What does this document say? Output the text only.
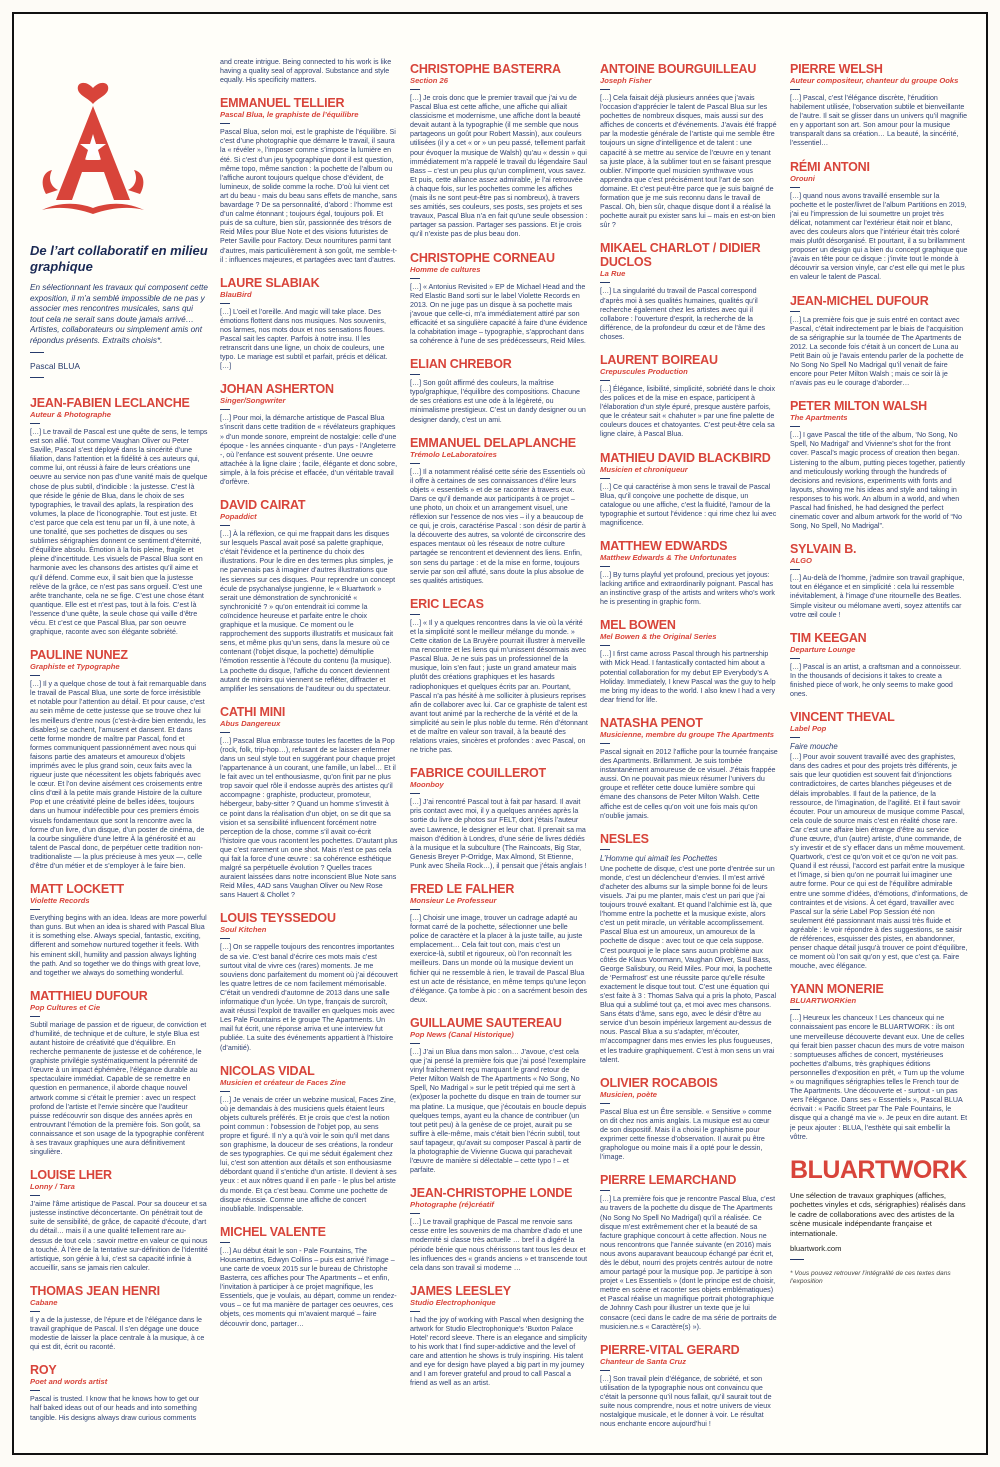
De l’art collaboratif en milieu graphique

En sélectionnant les travaux qui composent cette exposition, il m’a semblé impossible de ne pas y associer mes rencontres musicales, sans qui tout cela ne serait sans doute jamais arrivé… Artistes, collaborateurs ou simplement amis ont répondus présents. Extraits choisis*.

Pascal BLUA
JEAN-FABIEN LECLANCHE
Auteur & Photographe

[…] Le travail de Pascal est une quête de sens, le temps est son allié. Tout comme Vaughan Oliver ou Peter Saville, Pascal s’est déployé dans la sincérité d’une filiation, dans l’attention et la fidélité à ces auteurs qui, comme lui, ont réussi à faire de leurs créations une oeuvre au service non pas d’une vanité mais de quelque chose de plus subtil, d’indicible : la justesse. C’est là que réside le génie de Blua, dans le choix de ses typographies, le travail des aplats, la respiration des volumes, la place de l’iconographie. Tout est juste. Et c’est parce que cela est tenu par un fil, à une note, à une tonalité, que ses pochettes de disques ou ses sublimes sérigraphies donnent ce sentiment d’éternité, d’équilibre absolu. Émotion à la fois pleine, fragile et pleine d’incertitude. Les visuels de Pascal Blua sont en harmonie avec les chansons des artistes qu’il aime et qu’il défend. Comme eux, il sait bien que la justesse relève de la grâce, ce n’est pas sans orgueil. C’est une arête tranchante, cela ne se fige. C’est une chose étant quantique. Elle est et n’est pas, tout à la fois. C’est là l’essence d’une quête, la seule chose qui vaille d’être vécu. Et c’est ce que Pascal Blua, par son oeuvre graphique, raconte avec son élégante sobriété.

PAULINE NUNEZ
Graphiste et Typographe

[…] Il y a quelque chose de tout à fait remarquable dans le travail de Pascal Blua, une sorte de force irrésistible et notable pour l’attention au détail. Et pour cause, c’est au sein même de cette justesse que se trouve chez lui les meilleurs d’entre nous (c’est-à-dire bien entendu, les disables) se cachent, l’amusent et dansent. Et dans cette forme mondre de maître par Pascal, fond et formes communiquent passionnément avec nous qui faisons partie des amateurs et amoureux d’objets imprimés avec le plus grand soin, ceux faits avec la rigueur juste que nécessitent les objets fabriqués avec le cœur. Et l’on devine aisément ces croisements entre clins d’œil à la petite mais grande Histoire de la culture Pop et une créativité pleine de belles idées, toujours dans un humour indéfectible pour ces premiers émois visuels fondamentaux que sont la rencontre avec la forme d’un livre, d’un disque, d’un poster de cinéma, de la courbe singulière d’une lettre À la générosité et au talent de Pascal donc, de perpétuer cette tradition non-traditionaliste — la plus précieuse à mes yeux —, celle d’être d’un métier et de s’employer à le faire bien.

MATT LOCKETT
Violette Records

Everything begins with an idea. Ideas are more powerful than guns. But when an idea is shared with Pascal Blua it is something else. Always special, fantastic, exciting, different and somehow nurtured together it feels. With his eminent skill, humility and passion always lighting the path. And so together we do things with great love, and together we always do something wonderful.

MATTHIEU DUFOUR
Pop Cultures et Cie

Subtil mariage de passion et de rigueur, de conviction et d’humilité, de technique et de culture, le style Blua est autant histoire de créativité que d’équilibre. En recherche permanente de justesse et de cohérence, le graphiste privilégie systématiquement la pérennité de l’œuvre à un impact éphémère, l’élégance durable au spectaculaire immédiat. Capable de se remettre en question en permanence, il aborde chaque nouvel artwork comme si c’était le premier : avec un respect profond de l’artiste et l’envie sincère que l’auditeur puisse redécouvrir son disque des années après en entrouvrant l’émotion de la première fois. Son goût, sa connaissance et son usage de la typographie confèrent à ses travaux graphiques une aura définitivement singulière.

LOUISE LHER
Lonny / Tara

J’aime l’âme artistique de Pascal. Pour sa douceur et sa justesse instinctive déconcertante. On pénétrait tout de suite de sensibilité, de grâce, de capacité d’écoute, d’art du détail… mais il a une qualité tellement rare au-dessus de tout cela : savoir mettre en valeur ce qui nous a touché. À l’ère de la tentative sur-définition de l’identité artistique, son génie à lui, c’est sa capacité infinie à accueillir, sans se jamais rien calculer.

THOMAS JEAN HENRI
Cabane

Il y a de la justesse, de l’épure et de l’élégance dans le travail graphique de Pascal. Il s’en dégage une douce modestie de laisser la place centrale à la musique, à ce qui est dit, écrit ou raconté.

ROY
Poet and words artist

Pascal is trusted. I know that he knows how to get our half baked ideas out of our heads and into something tangible. His designs always draw curious comments

and create intrigue. Being connected to his work is like having a quality seal of approval. Substance and style equally. His specificity matters.

EMMANUEL TELLIER
Pascal Blua, le graphiste de l’équilibre

Pascal Blua, selon moi, est le graphiste de l’équilibre. Si c’est d’une photographie que démarre le travail, il saura la « révéler », l’imposer comme s’impose la lumière en été. Si c’est d’un jeu typographique dont il est question, même topo, même sanction : la pochette de l’album ou l’affiche auront toujours quelque chose d’évident, de lumineux, de solide comme la roche. D’où lui vient cet art du beau - mais du beau sans effets de manche, sans bavardage ? De sa personnalité, d’abord : l’homme est d’un calme étonnant ; toujours égal, toujours poli. Et puis de sa culture, bien sûr, passionnée des trésors de Reid Miles pour Blue Note et des visions futuristes de Peter Saville pour Factory. Deux nourritures parmi tant d’autres, mais particulièrement à son goût, me semble-t-il : influences majeures, et partagées avec tant d’autres.

LAURE SLABIAK
BlauBird

[…] L’oeil et l’oreille. And magic will take place. Des émotions flottent dans nos musiques. Nos souvenirs, nos larmes, nos mots doux et nos sensations floues. Pascal sait les capter. Parfois à notre insu. Il les retranscrit dans une ligne, un choix de couleurs, une typo. Le mariage est subtil et parfait, précis et délicat. […]

JOHAN ASHERTON
Singer/Songwriter

[…] Pour moi, la démarche artistique de Pascal Blua s’inscrit dans cette tradition de « révélateurs graphiques » d’un monde sonore, empreint de nostalgie: celle d’une époque - les années cinquante - d’un pays - l’Angleterre -, où l’enfance est souvent présente. Une oeuvre attachée à la ligne claire ; facile, élégante et donc sobre, simple, à la fois précise et effacée, d’un véritable travail d’orfèvre.

DAVID CAIRAT
Popaddict

[…] À la réflexion, ce qui me frappait dans les disques sur lesquels Pascal avait posé sa palette graphique, c’était l’évidence et la pertinence du choix des illustrations. Pour le dire en des termes plus simples, je ne parvenais pas à imaginer d’autres illustrations que les siennes sur ces disques. Pour reprendre un concept écule de psychanalyse jungienne, le « Bluartwork » serait une démonstration de synchronicité « synchronicité ? » qu’on entendrait ici comme la coïncidence heureuse et parfaite entre le choix graphique et la musique. Ce moment ou le rapprochement des supports illustratifs et musicaux fait sens, et même plus qu’un sens, dans la mesure où ce contenant (l’objet disque, la pochette) démultiplie l’émotion ressentie à l’écoute du contenu (la musique). La pochette du disque, l’affiche du concert deviennent autant de miroirs qui viennent se refléter, diffracter et amplifier les sensations de l’auditeur ou du spectateur.

CATHI MINI
Abus Dangereux

[…] Pascal Blua embrasse toutes les facettes de la Pop (rock, folk, trip-hop…), refusant de se laisser enfermer dans un seul style tout en suggérant pour chaque projet l’appartenance à un courant, une famille, un label… Et il le fait avec un tel enthousiasme, qu’on finit par ne plus trop savoir quel rôle il endosse auprès des artistes qu’il accompagne : graphiste, producteur, promoteur, hébergeur, baby-sitter ? Quand un homme s’investit à ce point dans la réalisation d’un objet, on se dit que sa vision et sa sensibilité influencent forcément notre perception de la chose, comme s’il avait co-écrit l’histoire que vous racontent les pochettes. D’autant plus que c’est rarement un one shot. Mais n’est ce pas cela qui fait la force d’une œuvre : sa cohérence esthétique malgré sa perpétuelle évolution ? Quelles traces auraient laissées dans notre inconscient Blue Note sans Reid Miles, 4AD sans Vaughan Oliver ou New Rose sans Hauert & Chollet ?

LOUIS TEYSSEDOU
Soul Kitchen

[…] On se rappelle toujours des rencontres importantes de sa vie. C’est banal d’écrire ces mots mais c’est surtout vital de vivre ces (rares) moments. Je me souviens donc parfaitement du moment où j’ai découvert les quatre lettres de ce nom facilement mémorisable. C’était un vendredi d’automne de 2013 dans une salle informatique d’un lycée. Un type, français de surcroît, avait réussi l’exploit de travailler en quelques mois avec Les Pale Fountains et le groupe The Apartments. Un mail fut écrit, une réponse arriva et une interview fut publiée. La suite des événements appartient à l’histoire (d’amitié).

NICOLAS VIDAL
Musicien et créateur de Faces Zine

[…] Je venais de créer un webzine musical, Faces Zine, où je demandais à des musiciens quels étaient leurs objets culturels préférés. Et je crois que c’est la notion point commun : l’obsession de l’objet pop, au sens propre et figuré. Il n’y a qu’à voir le soin qu’il met dans son graphisme, la douceur de ses créations, la rondeur de ses typographies. Ce qui me séduit également chez lui, c’est son attention aux détails et son enthousiasme débordant quand il s’entiche d’un artiste. Il devient à ses yeux : et aux nôtres quand il en parle - le plus bel artiste du monde. Et ça c’est beau. Comme une pochette de disque réussie. Comme une affiche de concert inoubliable. Indispensable.

MICHEL VALENTE

[…] Au début était le son - Pale Fountains, The Housemartins, Edwyn Collins – puis est arrivé l’image – une carte de voeux 2015 sur le bureau de Christophe Basterra, ces affiches pour The Apartments – et enfin, l’invitation à participer à ce projet magnifique, les Essentiels, que je voulais, au départ, comme un rendez-vous – ce fut ma manière de partager ces oeuvres, ces objets, ces moments qui m’avaient marqué – faire découvrir donc, partager…

CHRISTOPHE BASTERRA
Section 26

[…] Je crois donc que le premier travail que j’ai vu de Pascal Blua est cette affiche, une affiche qui alliait classicisme et modernisme, une affiche dont la beauté devait autant à la typographie (il me semble que nous partageons un goût pour Robert Massin), aux couleurs utilisées (il y a cet « or » un peu passé, tellement parfait pour évoquer la musique de Walsh) qu’au « dessin » qui immédiatement m’a rappelé le travail du légendaire Saul Bass – c’est un peu plus qu’un compliment, vous savez. Et puis, cette alliance assez admirable, je l’ai retrouvée à chaque fois, sur les pochettes comme les affiches (mais ils ne sont peut-être pas si nombreux), à travers ses amitiés, ses couleurs, ses posts, ses projets et ses travaux, Pascal Blua n’a en fait qu’une seule obsession : partager sa passion. Partager ses passions. Et je crois qu’il n’existe pas de plus beau don.

CHRISTOPHE CORNEAU
Homme de cultures

[…] « Antonius Revisited » EP de Michael Head and the Red Elastic Band sorti sur le label Violette Records en 2013. On ne juge pas un disque à sa pochette mais j’avoue que celle-ci, m’a immédiatement attiré par son efficacité et sa singulière capacité à faire d’une évidence la cohabitation image – typographie, s’approchant dans sa cohérence à l’une de ses prédécesseurs, Reid Miles.

ELIAN CHREBOR

[…] Son goût affirmé des couleurs, la maîtrise typo/graphique, l’équilibre des compositions. Chacune de ses créations est une ode à la légèreté, ou minimalisme prestigieux. C’est un dandy designer ou un designer dandy, c’est un ami.

EMMANUEL DELAPLANCHE
Trémolo LeLaboratoires

[…] Il a notamment réalisé cette série des Essentiels où il offre à certaines de ses connaissances d’élire leurs objets « essentiels » et de se raconter à travers eux. Dans ce qu’il demande aux participants à ce projet – une photo, un choix et un arrangement visuel, une réflexion sur l’essence de nos vies – il y a beaucoup de ce qui, je crois, caractérise Pascal : son désir de partir à la découverte des autres, sa volonté de circonscrire des espaces mentaux où les réseaux de notre culture partagée se rencontrent et deviennent des liens. Enfin, son sens du partage : et de la mise en forme, toujours servie par son œil affuté, sans doute la plus absolue de ses qualités artistiques.

ERIC LECAS

[…] « Il y a quelques rencontres dans la vie où la vérité et la simplicité sont le meilleur mélange du monde. » Cette citation de La Bruyère pourrait illustrer à merveille ma rencontre et les liens qui m’unissent désormais avec Pascal Blua. Je ne suis pas un professionnel de la musique, loin s’en faut ; juste un grand amateur mais plutôt des créations graphiques et les hasards radiophoniques et quelques écrits par an. Pourtant, Pascal n’a pas hésité à me solliciter à plusieurs reprises afin de collaborer avec lui. Car ce graphiste de talent est avant tout animé par la recherche de la vérité et de la simplicité au sein le plus noble du terme. Rén d’étonnant et de maître en valeur son travail, à la beauté des relations vraies, sincères et profondes : avec Pascal, on ne triche pas.

FABRICE COUILLEROT
Moonboy

[…] J’ai rencontré Pascal tout à fait par hasard. Il avait pris contact avec moi, il y a quelques années après la sortie du livre de photos sur FELT, dont j’étais l’auteur avec Lawrence, le designer et leur chat. Il prenait sa ma maison d’édition à Londres, d’une série de livres dédiés à la musique et la subculture (The Raincoats, Big Star, Genesis Breyer P-Orridge, Max Almond, St Etienne, Punk avec Sheila Rock…), il pensait que j’étais anglais !

FRED LE FALHER
Monsieur Le Professeur

[…] Choisir une image, trouver un cadrage adapté au format carré de la pochette, sélectionner une belle police de caractère et la placer à la juste taille, au juste emplacement… Cela fait tout con, mais c’est un exercice-là, subtil et rigoureux, où l’on reconnaît les meilleurs. Dans un monde où la musique devient un fichier qui ne ressemble à rien, le travail de Pascal Blua est un acte de résistance, en même temps qu’une leçon d’élégance. Ça tombe à pic : on a sacrément besoin des deux.

GUILLAUME SAUTEREAU
Pop News (Canal Historique)

[…] J’ai un Blua dans mon salon… J’avoue, c’est cela que j’ai pensé la première fois que j’ai posé l’exemplaire vinyl fraîchement reçu marquant le grand retour de Peter Milton Walsh de The Apartments « No Song, No Spell, No Madrigal » sur le petit trépied qui me sert à (ex)poser la pochette du disque en train de tourner sur ma platine. La musique, que j’écoutais en boucle depuis quelques temps, ayant eu la chance de contribuer (un tout petit peu) à la genèse de ce projet, aurait pu se suffire à elle-même, mais c’était bien l’écrin subtil, tout sauf tapageur, qu’avait su composer Pascal à partir de la photographie de Vivienne Gucwa qui parachevait l’œuvre de manière si délectable – cette typo ! – et parfaite.

JEAN-CHRISTOPHE LONDE
Photographe (ré)créatif

[…] Le travail graphique de Pascal me renvoie sans cesse entre les souvenirs de ma chambre d’ado et une modernité si classe très actuelle … bref il a digéré la période bénie que nous chérissons tant tous les deux et les influences des « grands anciens » et transcende tout cela dans son travail si moderne …

JAMES LEESLEY
Studio Electrophonique

I had the joy of working with Pascal when designing the artwork for Studio Electrophonique’s ‘Buxton Palace Hotel’ record sleeve. There is an elegance and simplicity to his work that I find super-addictive and the level of care and attention he shows is truly inspiring. His talent and eye for design have played a big part in my journey and I am forever grateful and proud to call Pascal a friend as well as an artist.

ANTOINE BOURGUILLEAU
Joseph Fisher

[…] Cela faisait déjà plusieurs années que j’avais l’occasion d’apprécier le talent de Pascal Blua sur les pochettes de nombreux disques, mais aussi sur des affiches de concerts et d’événements. J’avais été frappé par la modestie générale de l’artiste qui me semble être toujours un signe d’intelligence et de talent : une capacité à se mettre au service de l’œuvre en y tenant sa juste place, à la sublimer tout en se faisant presque oublier. N’importe quel musicien synthwave vous apprendra que c’est précisément tout l’art de son domaine. Et c’est peut-être parce que je suis baigné de formation que je me suis reconnu dans le travail de Pascal. Oh, bien sûr, chaque disque dont il a réalisé la pochette aurait pu exister sans lui – mais en est-on bien sûr ?

MIKAEL CHARLOT / DIDIER DUCLOS
La Rue

[…] La singularité du travail de Pascal correspond d’après moi à ses qualités humaines, qualités qu’il recherche également chez les artistes avec qui il collabore : l’ouverture d’esprit, la recherche de la différence, de la profondeur du cœur et de l’âme des choses.

LAURENT BOIREAU
Crepuscules Production

[…] Élégance, lisibilité, simplicité, sobriété dans le choix des polices et de la mise en espace, participent à l’élaboration d’un style épuré, presque austère parfois, que le créateur sait « chahuter » par une fine palette de couleurs douces et chatoyantes. C’est peut-être cela sa ligne claire, à Pascal Blua.

MATHIEU DAVID BLACKBIRD
Musicien et chroniqueur

[…] Ce qui caractérise à mon sens le travail de Pascal Blua, qu’il conçoive une pochette de disque, un catalogue ou une affiche, c’est la fluidité, l’amour de la typographie et surtout l’évidence : qui rime chez lui avec magnificence.

MATTHEW EDWARDS
Matthew Edwards & The Unfortunates

[…] By turns playful yet profound, precious yet joyous: lacking artifice and extraordinarily poignant. Pascal has an instinctive grasp of the artists and writers who’s work he is presenting in graphic form.

MEL BOWEN
Mel Bowen & the Original Series

[…] I first came across Pascal through his partnership with Mick Head. I fantastically contacted him about a potential collaboration for my debut EP Everybody’s A Holiday. Immediately, I knew Pascal was the guy to help me bring my ideas to the world. I also knew I had a very dear friend for life.

NATASHA PENOT
Musicienne, membre du groupe The Apartments

Pascal signait en 2012 l’affiche pour la tournée française des Apartments. Brillamment. Je suis tombée instantanément amoureuse de ce visuel. J’étais frappée aussi. On ne pouvait pas mieux résumer l’univers du groupe et refléter cette douce lumière sombre qui émane des chansons de Peter Milton Walsh. Cette affiche est de celles qu’on voit une fois mais qu’on n’oublie jamais.

NESLES
L’Homme qui aimait les Pochettes

Une pochette de disque, c’est une porte d’entrée sur un monde, c’est un déclencheur d’envies. Il m’est arrivé d’acheter des albums sur la simple bonne foi de leurs visuels. J’ai pu me planter, mais c’est un pari que j’ai toujours trouvé exaltant. Et quand l’alchimie est là, que l’homme entre la pochette et la musique existe, alors c’est un petit miracle, un véritable accomplissement. Pascal Blua est un amoureux, un amoureux de la pochette de disque : avec tout ce que cela suppose. C’est pourquoi je le place sans aucun problème aux côtés de Klaus Voormann, Vaughan Oliver, Saul Bass, George Salisbury, ou Reid Miles. Pour moi, la pochette de ‘Permafrost’ est une réussite parce qu’elle résulte exactement le disque tout tout. C’est une équation qui s’est faite à 3 : Thomas Salva qui a pris la photo, Pascal Blua qui a sublimé tout ça, et moi avec mes chansons. Sans états d’âme, sans ego, avec le désir d’être au service d’un besoin impérieux largement au-dessus de nous. Pascal Blua a su s’adapter, m’écouter, m’accompagner dans mes envies les plus fougueuses, et les traduire graphiquement. C’est à mon sens un vrai talent.

OLIVIER ROCABOIS
Musicien, poète

Pascal Blua est un Être sensible. « Sensitive » comme on dit chez nos amis anglais. La musique est au cœur de son dispositif. Mais il a choisi le graphisme pour exprimer cette finesse d’observation. Il aurait pu être graphologue ou moine mais il a opté pour le dessin, l’image.

PIERRE LEMARCHAND

[…] La première fois que je rencontre Pascal Blua, c’est au travers de la pochette du disque de The Apartments (No Song No Spell No Madrigal) qu’il a réalisée. Ce disque m’est extrêmement cher et la beauté de sa facture graphique concourt à cette affection. Nous ne nous rencontrons que l’année suivante (en 2016) mais nous avons auparavant beaucoup échangé par écrit et, dès le début, nourri des projets centrés autour de notre amour partagé pour la musique pop. Je participe à son projet « Les Essentiels » (dont le principe est de choisir, mettre en scène et raconter ses objets emblématiques) et Pascal réalise un magnifique portrait photographique de Johnny Cash pour illustrer un texte que je lui consacre (ceci dans le cadre de ma série de portraits de musicien.ne.s « Caractère(s) »).

PIERRE-VITAL GERARD
Chanteur de Santa Cruz

[…] Son travail plein d’élégance, de sobriété, et son utilisation de la typographie nous ont convaincu que c’était la personne qu’il nous fallait, qu’il saurait tout de suite nous comprendre, nous et notre univers de vieux nostalgique musicale, et le donner à voir. Le résultat nous enchante encore aujourd’hui !

PIERRE WELSH
Auteur compositeur, chanteur du groupe Ooks

[…] Pascal, c’est l’élégance discrète, l’érudition habilement utilisée, l’observation subtile et bienveillante de l’autre. Il sait se glisser dans un univers qu’il magnifie en y apportant son art. Son amour pour la musique transparaît dans sa création… La beauté, la sincérité, l’essentiel…

RÉMI ANTONI
Orouni

[…] quand nous avons travaillé ensemble sur la pochette et le poster/livret de l’album Partitions en 2019, j’ai eu l’impression de lui soumettre un projet très délicat, notamment car l’extérieur était noir et blanc, avec des couleurs alors que l’intérieur était très coloré mais plutôt désorganisé. Et pourtant, il a su brillamment proposer un design qui a bien du concept graphique que j’avais en tête pour ce disque : j’invite tout le monde à découvrir sa version vinyle, car c’est elle qui met le plus en valeur le talent de Pascal.

JEAN-MICHEL DUFOUR

[…] La première fois que je suis entré en contact avec Pascal, c’était indirectement par le biais de l’acquisition de sa sérigraphie sur la tournée de The Apartments de 2012. La seconde fois c’était à un concert de Luna au Petit Bain où je l’avais entendu parler de la pochette de No Song No Spell No Madrigal qu’il venait de faire encore pour Peter Milton Walsh ; mais ce soir là je n’avais pas eu le courage d’aborder…

PETER MILTON WALSH
The Apartments

[…] I gave Pascal the title of the album, ‘No Song, No Spell, No Madrigal’ and Vivienne’s shot for the front cover. Pascal’s magic process of creation then began. Listening to the album, putting pieces together, patiently and meticulously working through the hundreds of decisions and revisions, experiments with fonts and layouts, showing me his ideas and style and taking in responses to his work. An album in a world, and when Pascal had finished, he had designed the perfect cinematic cover and album artwork for the world of “No Song, No Spell, No Madrigal”.

SYLVAIN B.
ALGO

[…] Au-delà de l’homme, j’admire son travail graphique, tout en élégance et en simplicité : cela lui ressemble inévitablement, à l’image d’une ritournelle des Beatles. Simple visiteur ou mélomane averti, soyez attentifs car votre œil coule !

TIM KEEGAN
Departure Lounge

[…] Pascal is an artist, a craftsman and a connoisseur. In the thousands of decisions it takes to create a finished piece of work, he only seems to make good ones.

VINCENT THEVAL
Label Pop
Faire mouche

[…] Pour avoir souvent travaillé avec des graphistes, dans des cadres et pour des projets très différents, je sais que leur quotidien est souvent fait d’injonctions contradictoires, de cartes blanches piégeuses et de délais improbables. Il faut de la patience, de la ressource, de l’imagination, de l’agilité. Et il faut savoir écouter. Pour un amoureux de musique comme Pascal, cela coule de source mais c’est en réalité chose rare. Car c’est une affaire bien étrange d’être au service d’une œuvre, d’un (autre) artiste, d’une commande, de s’y investir et de s’y effacer dans un même mouvement. Quartwork, c’est ce qu’on voit et ce qu’on ne voit pas. Quand il est réussi, l’accord est parfait entre la musique et l’image, si bien qu’on ne pourrait lui imaginer une autre forme. Pour ce qui est de l’équilibre admirable entre une somme d’idées, d’émotions, d’informations, de contraintes et de visions. À cet égard, travailler avec Pascal sur la série Label Pop Session été non seulement été passionnant mais aussi très fluide et agréable : le voir répondre à des suggestions, se saisir de références, esquisser des pistes, en abandonner, penser chaque détail jusqu’à trouver ce point d’équilibre, ce moment où l’on sait qu’on y est, que c’est ça. Faire mouche, avec élégance.

YANN MONERIE
BLUARTWORKien

[…] Heureux les chanceux ! Les chanceux qui ne connaissaient pas encore le BLUARTWORK : ils ont une merveilleuse découverte devant eux. Une de celles qui ferait bien passer chacun des murs de votre maison : somptueuses affiches de concert, mystérieuses pochettes d’albums, très graphiques éditions personnelles d’exposition en prêt, « Turn up the volume » ou magnifiques sérigraphies telles le French tour de The Apartments. Une découverte et - surtout - un pas vers l’élégance. Dans ses « Essentiels », Pascal BLUA écrivait : « Pacific Street par The Pale Fountains, le disque qui a changé ma vie ». Je peux en dire autant. Et je peux ajouter : BLUA, l’esthète qui sait embellir la vôtre.

BLUARTWORK

Une sélection de travaux graphiques (affiches, pochettes vinyles et cds, sérigraphies) réalisés dans le cadre de collaborations avec des artistes de la scène musicale indépendante française et internationale.

bluartwork.com

* Vous pouvez retrouver l’intégralité de ces textes dans l’exposition
